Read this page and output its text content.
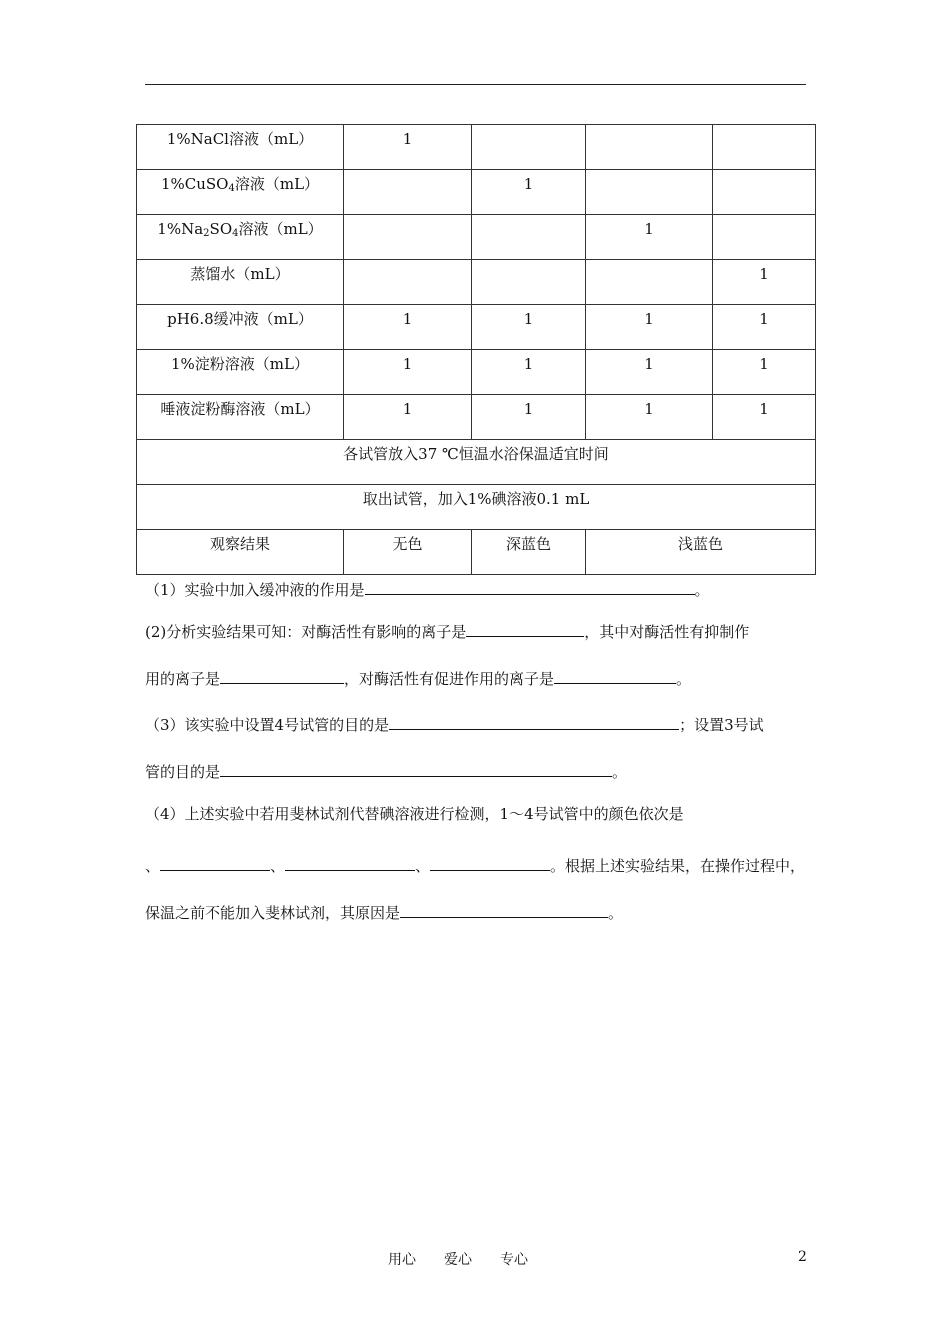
1%NaCl溶液（mL）	1			
1%CuSO$_4$溶液（mL）		1		
$1\%Na_2SO_4$溶液（mL）			1	
蒸馏水（mL）				1
pH6.8缓冲液（mL）	1	1	1	1
1%淀粉溶液（mL）	1	1	1	1
唾液淀粉酶溶液（mL）	1	1	1	1
各试管放入37 ℃恒温水浴保温适宜时间				
取出试管，加入1%碘溶液0.1 mL				
观察结果	无色	深蓝色	浅蓝色	
（1）实验中加入缓冲液的作用是	。
(2)分析实验结果可知：对酶活性有影响的离子是	，其中对酶活性有抑制作
用的离子是	，对酶活性有促进作用的离子是	。
（3）该实验中设置4号试管的目的是	；设置3号试
管的目的是	。
（4）上述实验中若用斐林试剂代替碘溶液进行检测，1～4号试管中的颜色依次是
、	、	、	。根据上述实验结果，在操作过程中，
保温之前不能加入斐林试剂，其原因是	。
用心 爱心 专心	2
